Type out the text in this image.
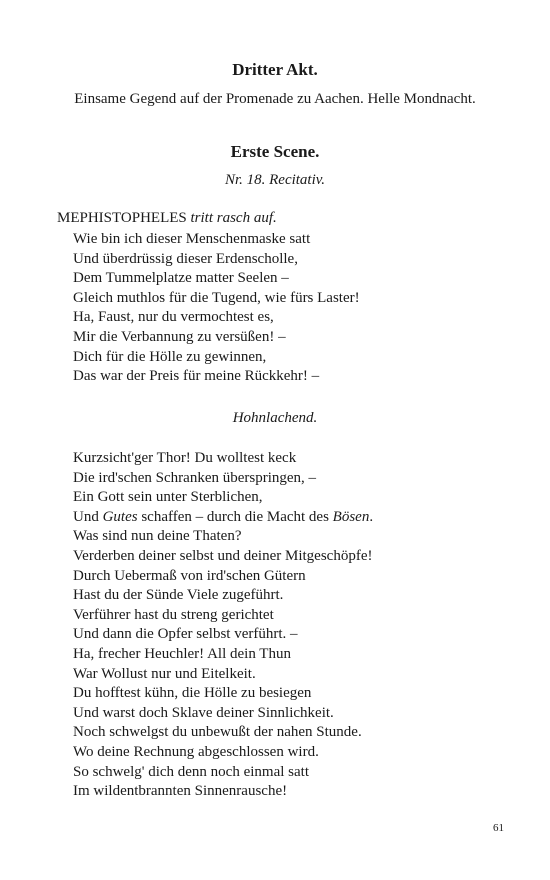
Dritter Akt.
Einsame Gegend auf der Promenade zu Aachen. Helle Mondnacht.
Erste Scene.
Nr. 18. Recitativ.
MEPHISTOPHELES tritt rasch auf.
Wie bin ich dieser Menschenmaske satt
Und überdrüssig dieser Erdenscholle,
Dem Tummelplatze matter Seelen –
Gleich muthlos für die Tugend, wie fürs Laster!
Ha, Faust, nur du vermochtest es,
Mir die Verbannung zu versüßen! –
Dich für die Hölle zu gewinnen,
Das war der Preis für meine Rückkehr! –
Hohnlachend.
Kurzsicht'ger Thor! Du wolltest keck
Die ird'schen Schranken überspringen, –
Ein Gott sein unter Sterblichen,
Und Gutes schaffen – durch die Macht des Bösen.
Was sind nun deine Thaten?
Verderben deiner selbst und deiner Mitgeschöpfe!
Durch Uebermaß von ird'schen Gütern
Hast du der Sünde Viele zugeführt.
Verführer hast du streng gerichtet
Und dann die Opfer selbst verführt. –
Ha, frecher Heuchler! All dein Thun
War Wollust nur und Eitelkeit.
Du hofftest kühn, die Hölle zu besiegen
Und warst doch Sklave deiner Sinnlichkeit.
Noch schwelgst du unbewußt der nahen Stunde.
Wo deine Rechnung abgeschlossen wird.
So schwelg' dich denn noch einmal satt
Im wildentbrannten Sinnenrausche!
61
